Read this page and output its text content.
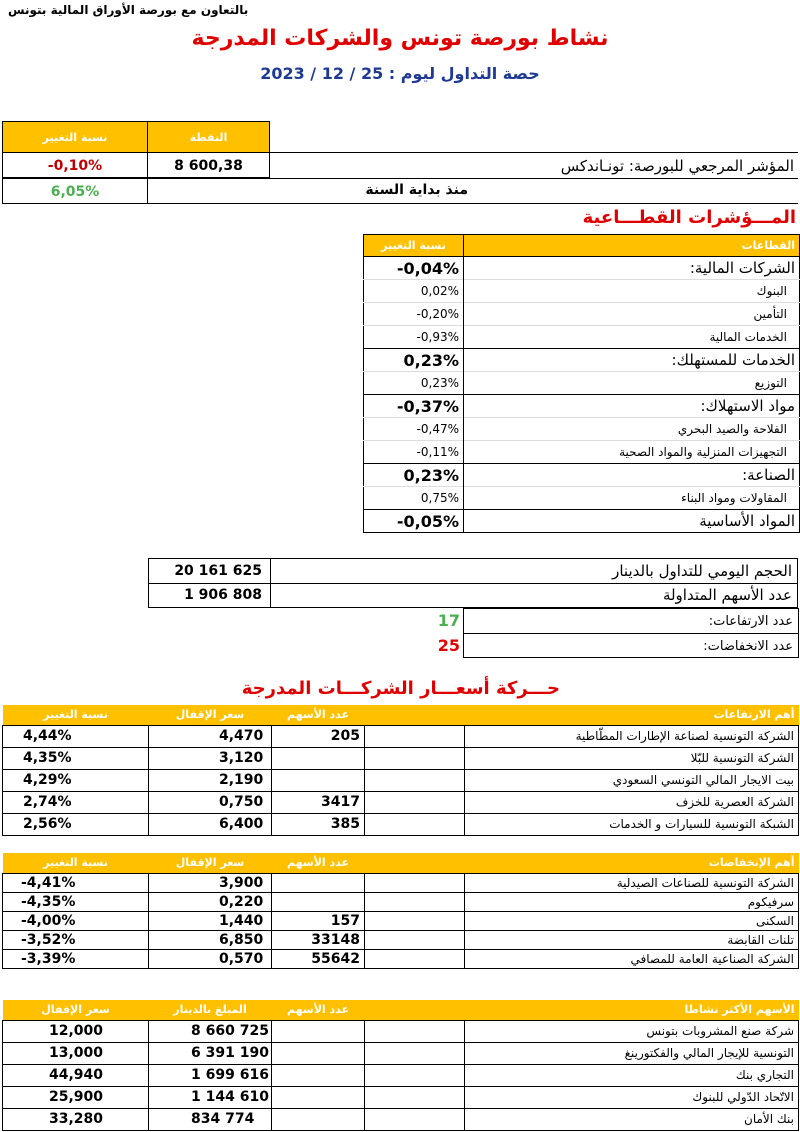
بالتعاون مع بورصة الأوراق المالية بتونس
نشاط بورصة تونس والشركات المدرجة
حصة التداول ليوم : 25 / 12 / 2023
نسبة التغيير	النقطة
-0,10%	8 600,38	المؤشر المرجعي للبورصة: تونـاندكس
6,05%	منذ بداية السنة
المـــؤشرات القطـــاعية
نسبة التغيير	القطاعات
-0,04%	الشركات المالية:
0,02%	البنوك
-0,20%	التأمين
-0,93%	الخدمات المالية
0,23%	الخدمات للمستهلك:
0,23%	التوزيع
-0,37%	مواد الاستهلاك:
-0,47%	الفلاحة والصيد البحري
-0,11%	التجهيزات المنزلية والمواد الصحية
0,23%	الصناعة:
0,75%	المقاولات ومواد البناء
-0,05%	المواد الأساسية
20 161 625	الحجم اليومي للتداول بالدينار
1 906 808	عدد الأسهم المتداولة
17	عدد الارتفاعات:
25	عدد الانخفاضات:
حـــركة أسعـــار الشركـــات المدرجة
نسبة التغيير	سعر الإقفال	عدد الأسهم		أهم الارتفاعات
4,44%	4,470	205		الشركة التونسية لصناعة الإطارات المطّاطية
4,35%	3,120			الشركة التونسية للبّلا
4,29%	2,190			بيت الايجار المالي التونسي السعودي
2,74%	0,750	3417		الشركة العصرية للخزف
2,56%	6,400	385		الشبكة التونسية للسيارات و الخدمات
نسبة التغيير	سعر الإقفال	عدد الأسهم		أهم الإنخفاضات
-4,41%	3,900			الشركة التونسية للصناعات الصيدلية
-4,35%	0,220			سرفيكوم
-4,00%	1,440	157		السكنى
-3,52%	6,850	33148		تلنات القابضة
-3,39%	0,570	55642		الشركة الصناعية العامة للمصافي
سعر الإقفال	المبلغ بالدينار	عدد الأسهم		الأسهم الأكثر نشاطا
12,000	8 660 725			شركة صنع المشروبات بتونس
13,000	6 391 190			التونسية للإيجار المالي والفكتورينغ
44,940	1 699 616			التجاري بنك
25,900	1 144 610			الاتّحاد الدّولي للبنوك
33,280	834 774			بنك الأمان
